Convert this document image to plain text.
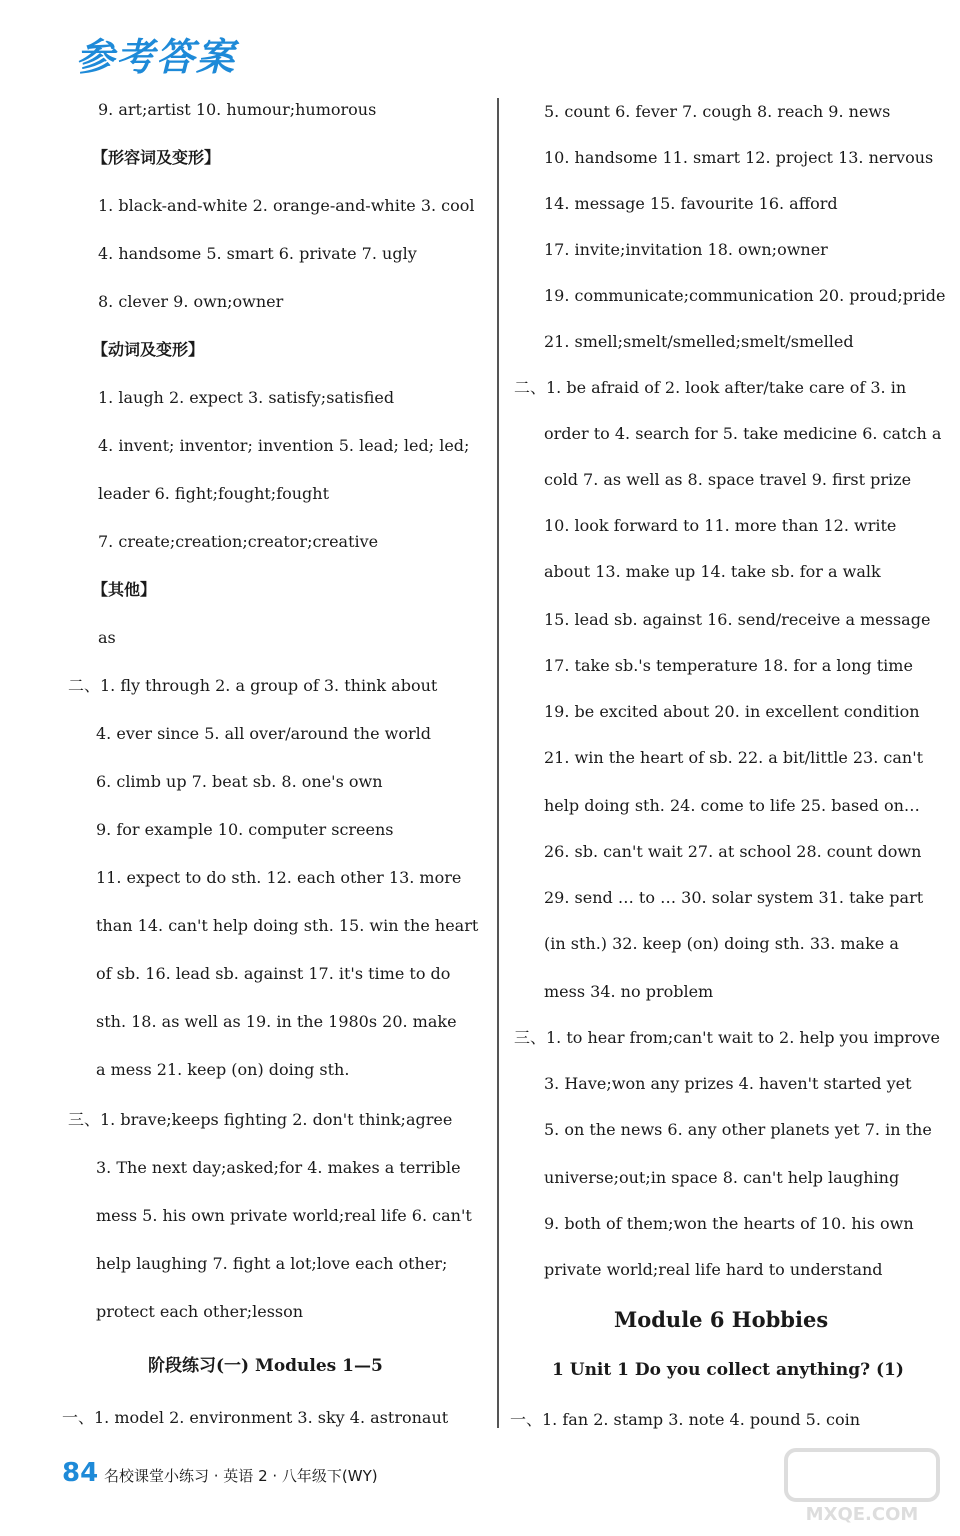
参考答案
9. art;artist 10. humour;humorous
【形容词及变形】
1. black-and-white 2. orange-and-white 3. cool
4. handsome 5. smart 6. private 7. ugly
8. clever 9. own;owner
【动词及变形】
1. laugh 2. expect 3. satisfy;satisfied
4. invent; inventor; invention 5. lead; led; led;
leader 6. fight;fought;fought
7. create;creation;creator;creative
【其他】
as
二、1. fly through 2. a group of 3. think about
4. ever since 5. all over/around the world
6. climb up 7. beat sb. 8. one's own
9. for example 10. computer screens
11. expect to do sth. 12. each other 13. more
than 14. can't help doing sth. 15. win the heart
of sb. 16. lead sb. against 17. it's time to do
sth. 18. as well as 19. in the 1980s 20. make
a mess 21. keep (on) doing sth.
三、1. brave;keeps fighting 2. don't think;agree
3. The next day;asked;for 4. makes a terrible
mess 5. his own private world;real life 6. can't
help laughing 7. fight a lot;love each other;
protect each other;lesson
阶段练习(一) Modules 1—5
一、1. model 2. environment 3. sky 4. astronaut
5. count 6. fever 7. cough 8. reach 9. news
10. handsome 11. smart 12. project 13. nervous
14. message 15. favourite 16. afford
17. invite;invitation 18. own;owner
19. communicate;communication 20. proud;pride
21. smell;smelt/smelled;smelt/smelled
二、1. be afraid of 2. look after/take care of 3. in
order to 4. search for 5. take medicine 6. catch a
cold 7. as well as 8. space travel 9. first prize
10. look forward to 11. more than 12. write
about 13. make up 14. take sb. for a walk
15. lead sb. against 16. send/receive a message
17. take sb.'s temperature 18. for a long time
19. be excited about 20. in excellent condition
21. win the heart of sb. 22. a bit/little 23. can't
help doing sth. 24. come to life 25. based on…
26. sb. can't wait 27. at school 28. count down
29. send … to … 30. solar system 31. take part
(in sth.) 32. keep (on) doing sth. 33. make a
mess 34. no problem
三、1. to hear from;can't wait to 2. help you improve
3. Have;won any prizes 4. haven't started yet
5. on the news 6. any other planets yet 7. in the
universe;out;in space 8. can't help laughing
9. both of them;won the hearts of 10. his own
private world;real life hard to understand
Module 6 Hobbies
1 Unit 1 Do you collect anything? (1)
一、1. fan 2. stamp 3. note 4. pound 5. coin
84 名校课堂小练习 · 英语 2 · 八年级下(WY)
MXQE.COM
